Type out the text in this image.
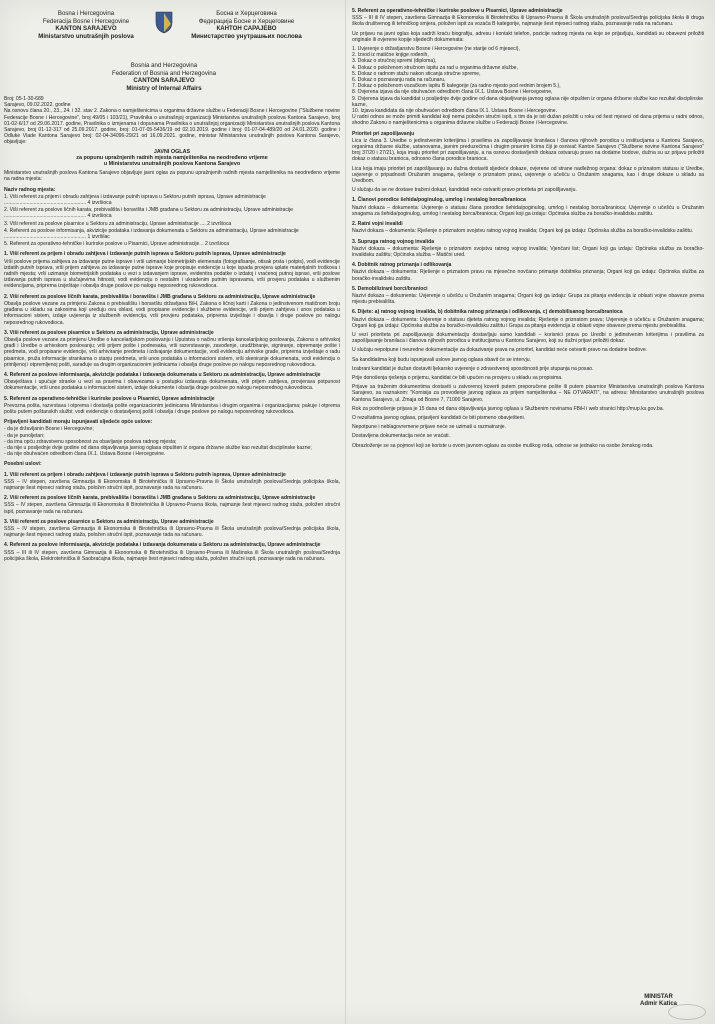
Bosna i Hercegovina
Federacija Bosne i Hercegovine
KANTON SARAJEVO
Ministarstvo unutrašnjih poslova
Босна и Херцеговина
Федерација Босне и Херцеговине
КАНТОН САРАЈЕВО
Министарство унутрашњих послова
Bosnia and Herzegovina
Federation of Bosnia and Herzegovina
CANTON SARAJEVO
Ministry of Internal Affairs
Broj: 05-1-30-689
Sarajevo, 09.02.2022. godine

Na osnovu člana 20., 23., 24. i 32. stav 2. Zakona o namještenicima u organima državne službe u Federaciji Bosne i Hercegovine ("Službene novine Federacije Bosne i Hercegovine", broj 49/05 i 103/21), Pravilnika o unutrašnjoj organizaciji Ministarstva unutrašnjih poslova Kantona Sarajevo, broj 01-02-6/17 od 29.06.2017. godine, Pravilnika o izmjenama i dopunama Pravilnika o unutrašnjoj organizaciji Ministarstva unutrašnjih poslova Kantona Sarajevo, broj 01-12-317 od 25.09.2017. godine, broj: 01-07-05-5436/19 od 02.10.2019. godine i broj: 01-07-04-489/20 od 24.01.2020. godine i Odluke Vlade Kantona Sarajevo broj: 02-04-34096-29/21 od 16.09.2021. godine, ministar Ministarstva unutrašnjih poslova Kantona Sarajevo, objavljuje:

JAVNI OGLAS
za popunu upražnjenih radnih mjesta namještenika na neodređeno vrijeme
u Ministarstvu unutrašnjih poslova Kantona Sarajevo

Ministarstvo unutrašnjih poslova Kantona Sarajevo objavljuje javni oglas za popunu upražnjenih radnih mjesta namještenika na neodređeno vrijeme na radna mjesta:

Naziv radnog mjesta:
1. Viši referent za prijem i obradu zahtjeva i izdavanje putnih isprava u Sektoru putnih isprava, Uprave administracije .......................................................... 4 izvršioca
2. Viši referent za poslove ličnih karata, prebivališta i boravišta i JMB građana u Sektoru za administraciju, Uprave administracije .......................................................... 4 izvršioca
3. Viši referent za poslove pisarnice u Sektoru za administraciju, Uprave administracije .... 2 izvršioca
4. Referent za poslove informisanja, akvizicije podataka i izdavanja dokumenata u Sektoru za administraciju, Uprave administracije .......................................................... 1 izvršilac
5. Referent za operativno-tehničke i kurirske poslove u Pisarnici, Uprave administracije .. 2 izvršioca
1. Viši referent za prijem i obradu zahtjeva i izdavanje putnih isprava u Sektoru putnih isprava, Uprave administracije

Vrši poslove prijema zahtjeva za izdavanje putne isprave i vrši uzimanje biometrijskih elemenata (fotografisanje, otisak prsta i potpis), vodi evidencije izdatih putnih isprava, vrši prijem zahtjeva za izdavanje putne isprave koje propisuje evidencije u koje ispada provjera uplate materijalnih troškova i radnih mjesta; vrši uzimanje biometrijskih podataka u vezi s izdavanjem isprave, evidentira podatke o izdatoj i vraćenoj putnoj ispravi, vrši poslove izdavanja putnih isprava u slučajevima hitnosti, vodi evidenciju o nestalim i ukradenim putnim ispravama, vrši provjeru podataka u službenim evidencijama, priprema izvještaje i obavlja druge poslove po nalogu neposrednog rukovodioca.

2. Viši referent za poslove ličnih karata, prebivališta i boravišta i JMB građana u Sektoru za administraciju, Uprave administracije

Obavlja poslove vezane za primjenu Zakona o prebivalištu i boravištu državljana BiH, Zakona o ličnoj karti i Zakona o jedinstvenom matičnom broju građana u skladu sa zakonima koji uređuju ovu oblast, vodi propisane evidencije i službene evidencije, vrši prijem zahtjeva i unos podataka u informacioni sistem, izdaje uvjerenja iz službenih evidencija, vrši provjeru podataka, priprema izvještaje i obavlja i druge poslove po nalogu neposrednog rukovodioca.

3. Viši referent za poslove pisarnice u Sektoru za administraciju, Uprave administracije

Obavlja poslove vezane za primjenu Uredbe o kancelarijskom poslovanju i Uputstva o načinu vršenja kancelarijskog poslovanja, Zakona o arhivskoj građi i Uredbe o arhivskom poslovanju; vrši prijem pošte i podnesaka, vrši razvrstavanje, zavođenje, urudžbiranje, signiranje, otpremanje pošte i predmeta, vodi propisane evidencije, vrši arhiviranje predmeta i izdvajanje dokumentacije, vodi evidenciju arhivske građe, priprema izvještaje o radu pisarnice, pruža informacije strankama o stanju predmeta, vrši unos podataka u informacioni sistem, vrši skeniranje dokumenata, vodi evidenciju o primljenoj i otpremljenoj pošti, sarađuje sa drugim organizacionim jedinicama i obavlja druge poslove po nalogu neposrednog rukovodioca.

4. Referent za poslove informisanja, akvizicije podataka i izdavanja dokumenata u Sektoru za administraciju, Uprave administracije

Obavještava i upućuje stranke u vezi sa pravima i obavezama u postupku izdavanja dokumenata, vrši prijem zahtjeva, provjerava potpunost dokumentacije, vrši unos podataka u informacioni sistem, izdaje dokumente i obavlja druge poslove po nalogu neposrednog rukovodioca.

5. Referent za operativno-tehničke i kurirske poslove u Pisarnici, Uprave administracije

Prevozna pošta, razvrstava i otprema i dostavlja pošte organizacionim jedinicama Ministarstva i drugim organima i organizacijama; pakuje i otprema poštu putem poštanskih službi; vodi evidencije o dostavljenoj pošti i obavlja i druge poslove po nalogu neposrednog rukovodioca.

Prijavljeni kandidati moraju ispunjavati sljedeće opće uslove:
- da je državljanin Bosne i Hercegovine;
- da je punoljetan;
- da ima opću zdravstvenu sposobnost za obavljanje poslova radnog mjesta;
- da nije u posljednje dvije godine od dana objavljivanja javnog oglasa otpušten iz organa državne službe kao rezultat disciplinske kazne;
- da nije obuhvaćen odredbom člana IX.1. Ustava Bosne i Hercegovine.
Posebni uslovi:
1. Viši referent za prijem i obradu zahtjeva i izdavanje putnih isprava u Sektoru putnih isprava, Uprave administracije

SSS – IV stepen, završena Gimnazija ili Ekonomska ili Birotehnička ili Upravno-Pravna ili Škola unutrašnjih poslova/Srednja policijska škola, najmanje šest mjeseci radnog staža, položen stručni ispit, poznavanje rada na računaru.

2. Viši referent za poslove ličnih karata, prebivališta i boravišta i JMB građana u Sektoru za administraciju, Uprave administracije

SSS – IV stepen, završena Gimnazija ili Ekonomska ili Birotehnička ili Upravno-Pravna škola, najmanje šest mjeseci radnog staža, položen stručni ispit, poznavanje rada na računaru.

3. Viši referent za poslove pisarnice u Sektoru za administraciju, Uprave administracije

SSS – IV stepen, završena Gimnazija ili Ekonomska ili Birotehnička ili Upravno-Pravna ili Škola unutrašnjih poslova/Srednja policijska škola, najmanje šest mjeseci radnog staža, položen stručni ispit, poznavanje rada na računaru.

4. Referent za poslove informisanja, akvizicije podataka i izdavanja dokumenata u Sektoru za administraciju, Uprave administracije

SSS – III ili IV stepen, završena Gimnazija ili Ekonomska ili Birotehnička ili Upravno-Pravna ili Mašinska ili Škola unutrašnjih poslova/Srednja policijska škola, Elektrotehnička ili Saobraćajna škola, najmanje šest mjeseci radnog staža, položen stručni ispit, poznavanje rada na računaru.

5. Referent za operativno-tehničke i kurirske poslove u Pisarnici, Uprave administracije

SSS – III ili IV stepen, završena Gimnazija ili Ekonomska ili Birotehnička ili Upravno-Pravna ili Škola unutrašnjih poslova/Srednja policijska škola ili druga škola društvenog ili tehničkog smjera, položen ispit za vozača B kategorije, najmanje šest mjeseci radnog staža, poznavanje rada na računaru.

Uz prijavu na javni oglas koja sadrži kraću biografiju, adresu i kontakt telefon, pozicije radnog mjesta na koje se prijavljuju, kandidati su obavezni priložiti originale ili ovjerene kopije sljedećih dokumenata:

1. Uvjerenje o državljanstvu Bosne i Hercegovine (ne starije od 6 mjeseci),
2. Izvod iz matične knjige rođenih,
3. Dokaz o stručnoj spremi (diploma),
4. Dokaz o položenom stručnom ispitu za rad u organima državne službe,
5. Dokaz o radnom stažu nakon sticanja stručne spreme,
6. Dokaz o poznavanju rada na računaru,
7. Dokaz o položenom vozačkom ispitu B kategorije (za radno mjesto pod rednim brojem 5.),
8. Ovjerena izjava da nije obuhvaćen odredbom člana IX.1. Ustava Bosne i Hercegovine,
9. Ovjerena izjava da kandidat u posljednje dvije godine od dana objavljivanja javnog oglasa nije otpušten iz organa državne službe kao rezultat disciplinske kazne,
10. Izjava kandidata da nije obuhvaćen odredbom člana IX.1. Ustava Bosne i Hercegovine.

U radni odnos se može primiti kandidat koji nema položen stručni ispit, s tim da je isti dužan položiti u roku od šest mjeseci od dana prijema u radni odnos, shodno Zakonu o namještenicima u organima državne službe u Federaciji Bosne i Hercegovine.

Prioritet pri zapošljavanju

Lica iz člana 3. Uredbe o jedinstvenim kriterijima i pravilima za zapošljavanje branilaca i članova njihovih porodica u institucijama u Kantonu Sarajevo, organima državne službe, ustanovama, javnim preduzećima i drugim pravnim licima čiji je osnivač Kanton Sarajevo ("Službene novine Kantona Sarajevo" broj 37/20 i 27/21), koja imaju prioritet pri zapošljavanju, a na osnovu dostavljenih dokaza ostvaruju pravo na dodatne bodove, dužna su uz prijavu priložiti dokaz o statusu branioca, odnosno člana porodice branioca.

Lica koja imaju prioritet pri zapošljavanju su dužna dostaviti sljedeće dokaze, ovjerene od strane nadležnog organa: dokaz o priznatom statusu iz Uredbe, uvjerenje o pripadnosti Oružanim snagama, rješenje o priznatom pravu, uvjerenje o učešću u Oružanim snagama, kao i druge dokaze u skladu sa Uredbom.

U slučaju da se ne dostave traženi dokazi, kandidati neće ostvariti pravo prioriteta pri zapošljavanju.

1. Članovi porodice šehida/poginulog, umrlog i nestalog borca/branioca

Nazivi dokaza – dokumenta: Uvjerenje o statusu člana porodice šehida/poginulog, umrlog i nestalog borca/branioca; Uvjerenje o učešću u Oružanim snagama za šehida/poginulog, umrlog i nestalog borca/branioca; Organi koji ga izdaju: Općinska služba za boračko-invalidsku zaštitu.

2. Ratni vojni invalidi

Nazivi dokaza – dokumenta: Rješenje o priznatom svojstvu ratnog vojnog invalida; Organi koji ga izdaju: Općinska služba za boračko-invalidsku zaštitu.

3. Supruga ratnog vojnog invalida

Nazivi dokaza – dokumenta: Rješenje o priznatom svojstvu ratnog vojnog invalida; Vjenčani list; Organi koji ga izdaju: Općinska služba za boračko-invalidsku zaštitu; Općinska služba – Matični ured.

4. Dobitnik ratnog priznanja i odlikovanja

Nazivi dokaza – dokumenta: Rješenje o priznatom pravu na mjesečno novčano primanje dobitnika priznanja; Organi koji ga izdaju: Općinska služba za boračko-invalidsku zaštitu.

5. Demobilizirani borci/branioci

Nazivi dokaza – dokumenta: Uvjerenje o učešću u Oružanim snagama; Organi koji ga izdaju: Grupa za pitanja evidencija iz oblasti vojne obaveze prema mjestu prebivališta.

6. Dijete: a) ratnog vojnog invalida, b) dobitnika ratnog priznanja i odlikovanja, c) demobilisanog borca/branioca

Nazivi dokaza – dokumenta: Uvjerenje o statusu djeteta ratnog vojnog invalida; Rješenje o priznatom pravu; Uvjerenje o učešću u Oružanim snagama; Organi koji ga izdaju: Općinska služba za boračko-invalidsku zaštitu i Grupa za pitanja evidencija iz oblasti vojne obaveze prema mjestu prebivališta.

U vezi prioriteta pri zapošljavanju dokumentaciju dostavljaju samo kandidati – korisnici prava po Uredbi o jedinstvenim kriterijima i pravilima za zapošljavanje branilaca i članova njihovih porodica u institucijama u Kantonu Sarajevo, koji su dužni prijavi priložiti dokaz.

U slučaju nepotpune i neuredne dokumentacije za dokazivanje prava na prioritet, kandidat neće ostvariti pravo na dodatne bodove.

Sa kandidatima koji budu ispunjavali uslove javnog oglasa obavit će se intervju.

Izabrani kandidat je dužan dostaviti ljekarsko uvjerenje o zdravstvenoj sposobnosti prije stupanja na posao.

Prije donošenja rješenja o prijemu, kandidat će biti upućen na provjeru u skladu sa propisima.

Prijave sa traženim dokumentima dostaviti u zatvorenoj koverti putem preporučene pošte ili putem pisarnice Ministarstva unutrašnjih poslova Kantona Sarajevo, sa naznakom: "Komisija za provođenje javnog oglasa za prijem namještenika – NE OTVARATI", na adresu: Ministarstvo unutrašnjih poslova Kantona Sarajevo, ul. Zmaja od Bosne 7, 71000 Sarajevo.

Rok za podnošenje prijava je 15 dana od dana objavljivanja javnog oglasa u Službenim novinama FBiH i web stranici http://mup.ks.gov.ba.

O rezultatima javnog oglasa, prijavljeni kandidati će biti pismeno obavješteni.

Nepotpune i neblagovremene prijave neće se uzimati u razmatranje.

Dostavljena dokumentacija neće se vraćati.

Obrazloženje se sa pojmovi koji se koriste u ovom javnom oglasu za osobe muškog roda, odnose se jednako na osobe ženskog roda.

MINISTAR
Admir Katica
